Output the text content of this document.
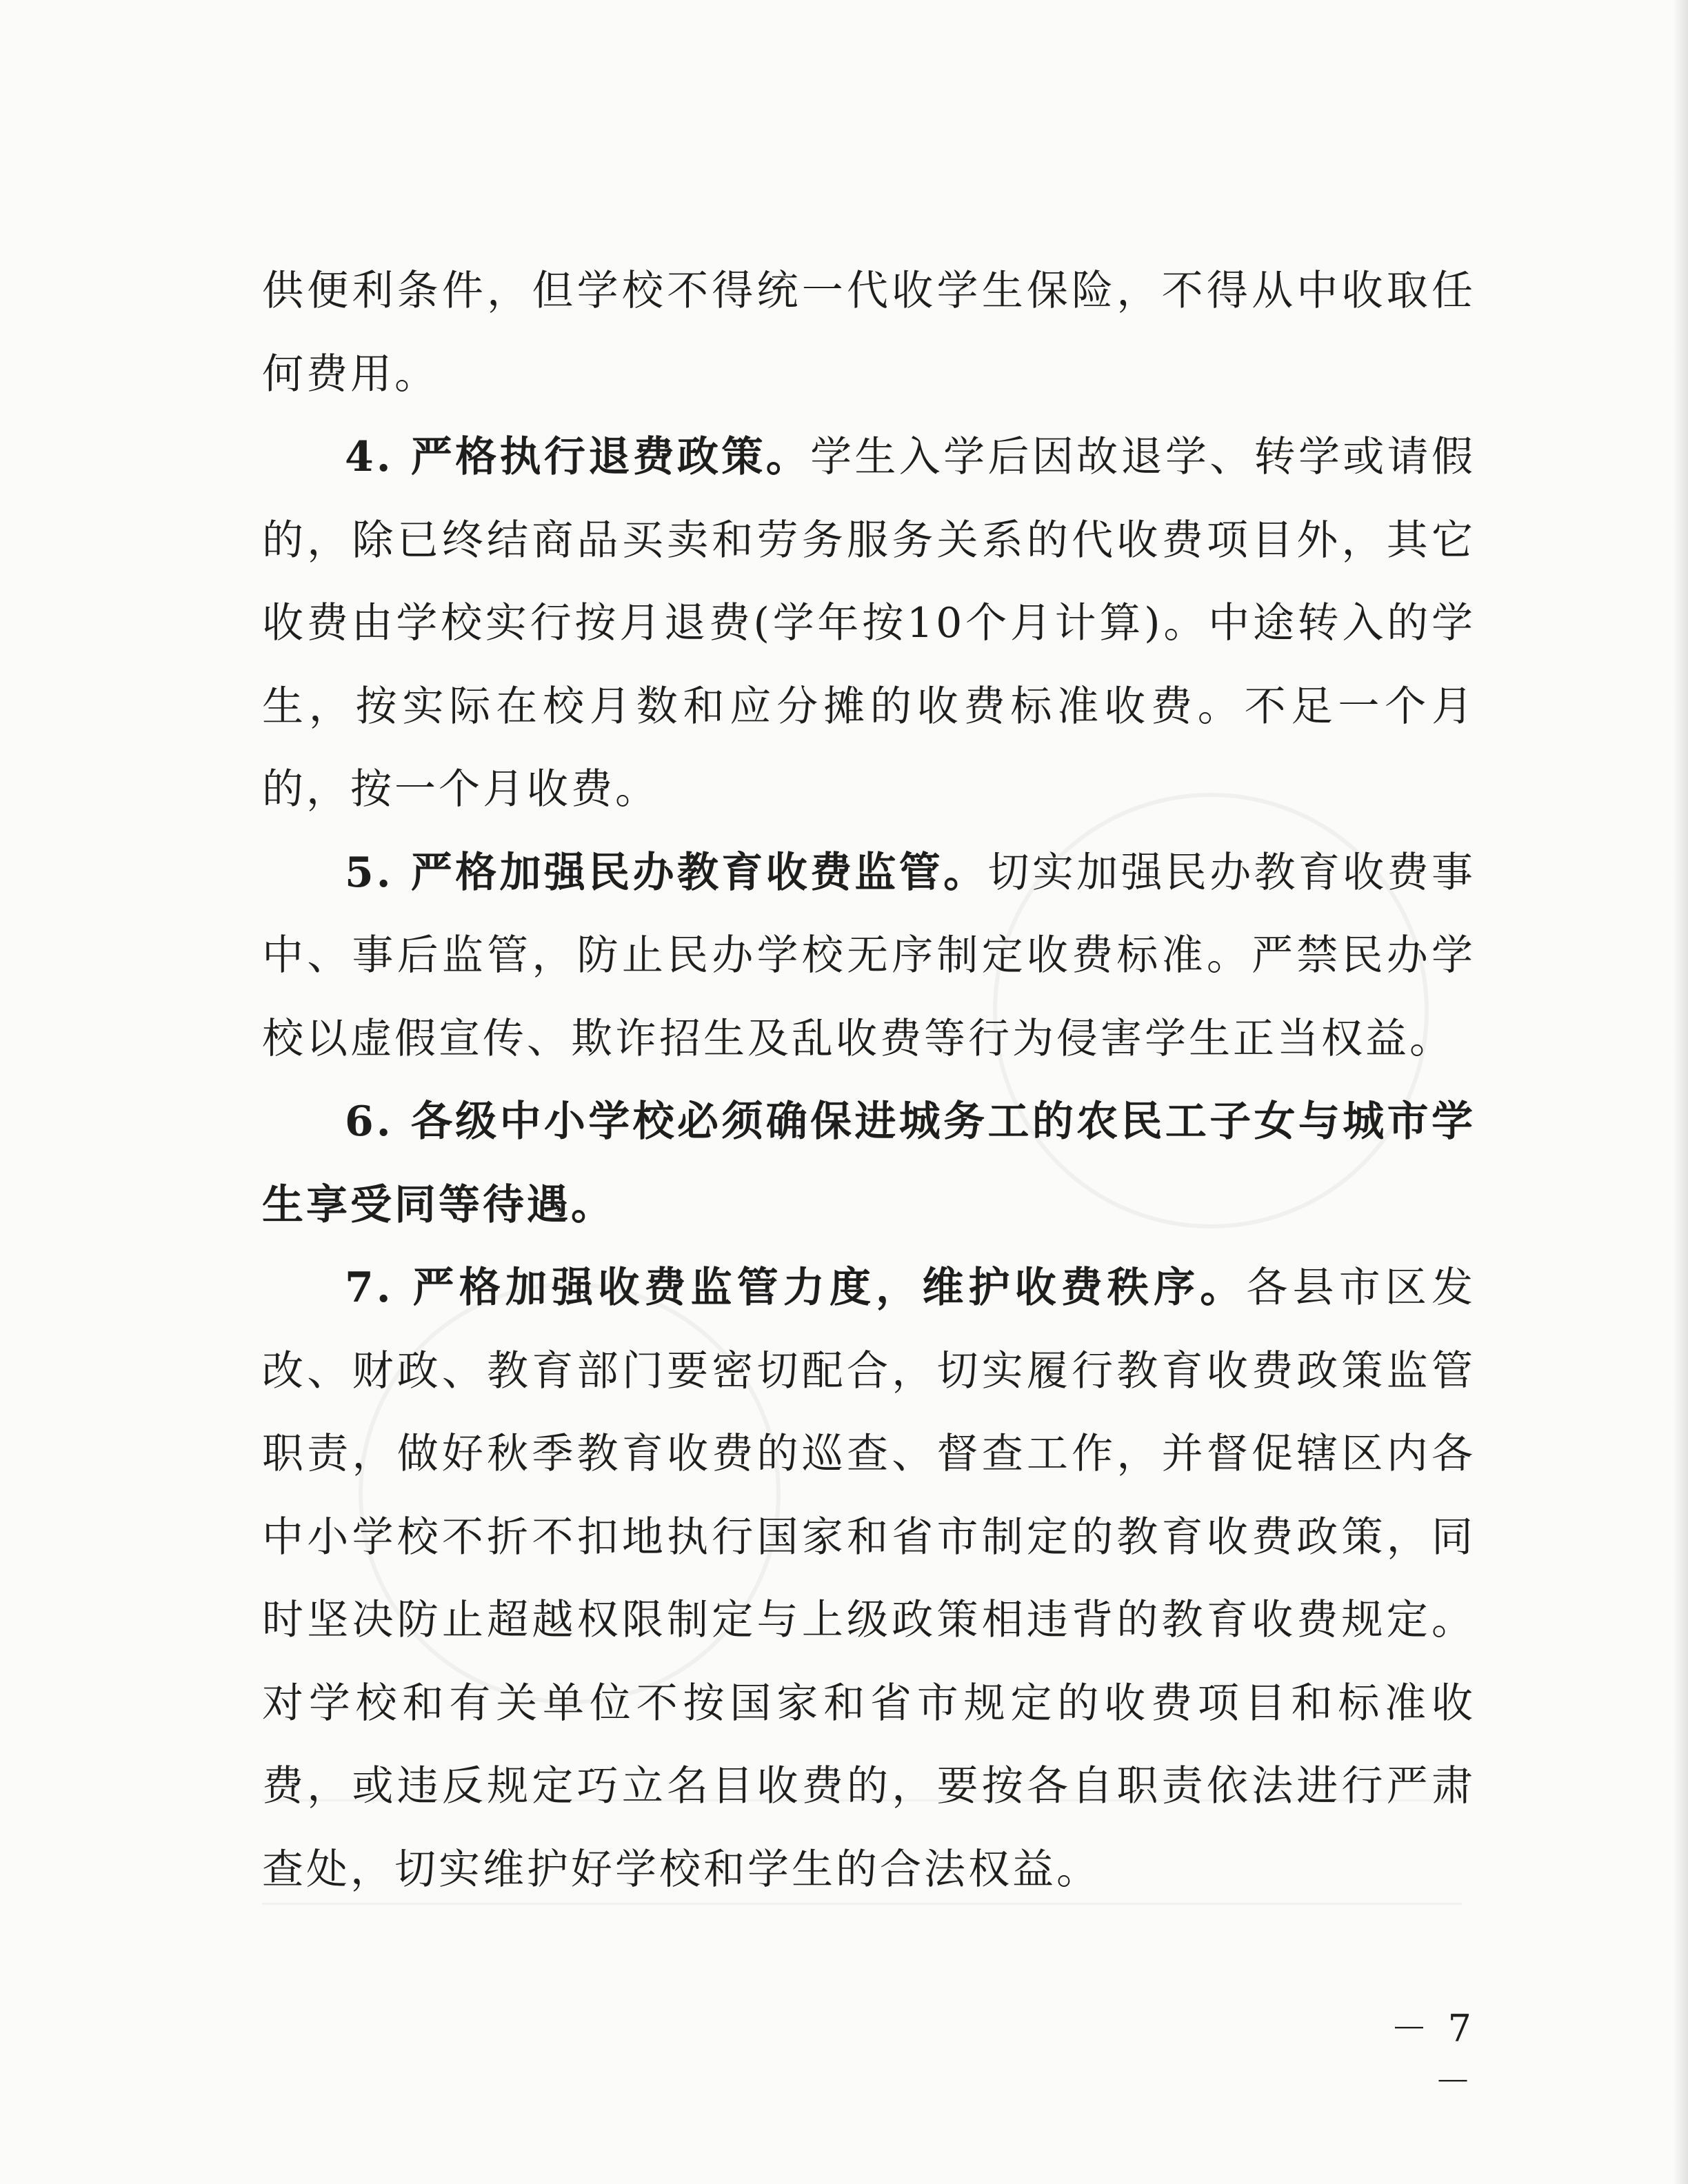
供便利条件，但学校不得统一代收学生保险，不得从中收取任何费用。

4. 严格执行退费政策。学生入学后因故退学、转学或请假的，除已终结商品买卖和劳务服务关系的代收费项目外，其它收费由学校实行按月退费(学年按10个月计算)。中途转入的学生，按实际在校月数和应分摊的收费标准收费。不足一个月的，按一个月收费。

5. 严格加强民办教育收费监管。切实加强民办教育收费事中、事后监管，防止民办学校无序制定收费标准。严禁民办学校以虚假宣传、欺诈招生及乱收费等行为侵害学生正当权益。

6. 各级中小学校必须确保进城务工的农民工子女与城市学生享受同等待遇。

7. 严格加强收费监管力度，维护收费秩序。各县市区发改、财政、教育部门要密切配合，切实履行教育收费政策监管职责，做好秋季教育收费的巡查、督查工作，并督促辖区内各中小学校不折不扣地执行国家和省市制定的教育收费政策，同时坚决防止超越权限制定与上级政策相违背的教育收费规定。对学校和有关单位不按国家和省市规定的收费项目和标准收费，或违反规定巧立名目收费的，要按各自职责依法进行严肃查处，切实维护好学校和学生的合法权益。

－ 7 －
